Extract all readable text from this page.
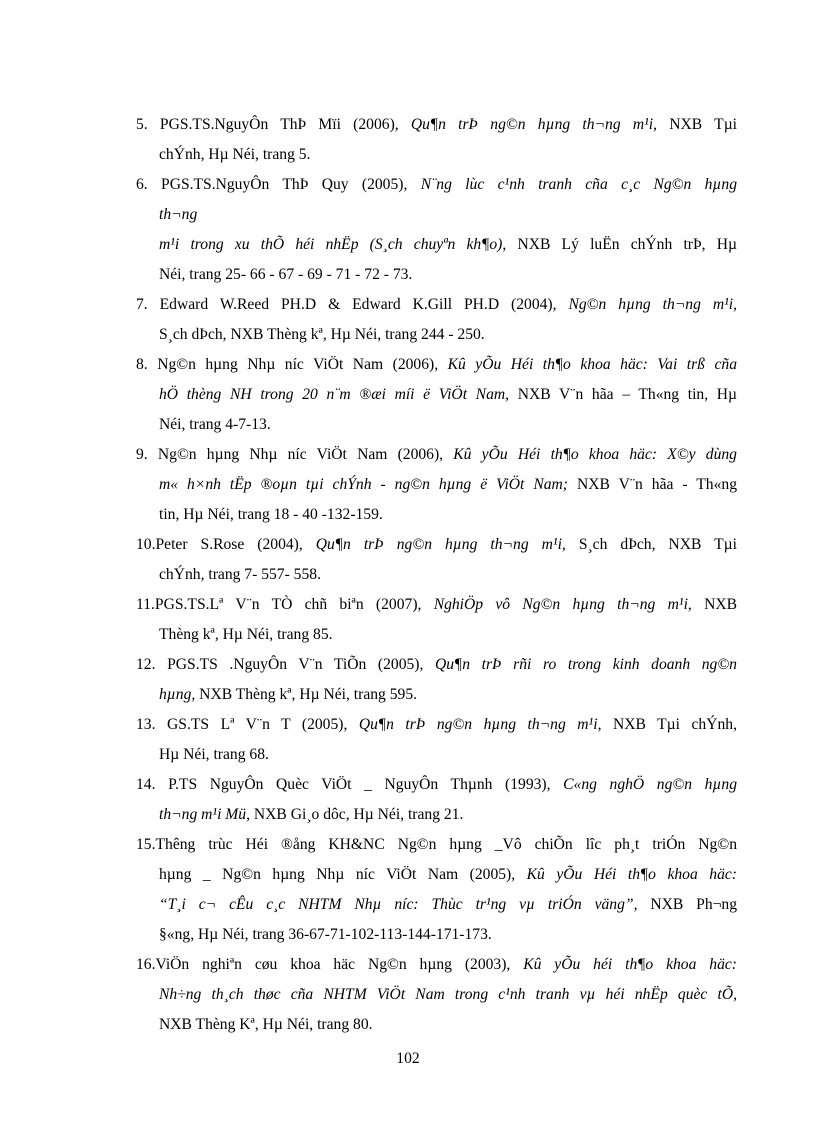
5. PGS.TS.NguyÔn ThÞ Mïi (2006), Qu¶n trÞ ng©n hµng th¬ng m¹i, NXB Tµi
chÝnh, Hµ Néi, trang 5.
6. PGS.TS.NguyÔn ThÞ Quy (2005), N¨ng lùc c¹nh tranh cña c¸c Ng©n hµng
th¬ng
m¹i trong xu thÕ héi nhËp (S¸ch chuyªn kh¶o), NXB Lý luËn chÝnh trÞ, Hµ
Néi, trang 25- 66 - 67 - 69 - 71 - 72 - 73.
7. Edward W.Reed PH.D & Edward K.Gill PH.D (2004), Ng©n hµng th¬ng m¹i,
S¸ch dÞch, NXB Thèng kª, Hµ Néi, trang 244 - 250.
8. Ng©n hµng Nhµ níc ViÖt Nam (2006), Kû yÕu Héi th¶o khoa häc: Vai trß cña
hÖ thèng NH trong 20 n¨m ®æi míi ë ViÖt Nam, NXB V¨n hãa – Th«ng tin, Hµ
Néi, trang 4-7-13.
9. Ng©n hµng Nhµ níc ViÖt Nam (2006), Kû yÕu Héi th¶o khoa häc: X©y dùng
m« h×nh tËp ®oµn tµi chÝnh - ng©n hµng ë ViÖt Nam; NXB V¨n hãa - Th«ng
tin, Hµ Néi, trang 18 - 40 -132-159.
10.Peter S.Rose (2004), Qu¶n trÞ ng©n hµng th¬ng m¹i, S¸ch dÞch, NXB Tµi
chÝnh, trang 7- 557- 558.
11.PGS.TS.Lª V¨n TÒ chñ biªn (2007), NghiÖp vô Ng©n hµng th¬ng m¹i, NXB
Thèng kª, Hµ Néi, trang 85.
12. PGS.TS .NguyÔn V¨n TiÕn (2005), Qu¶n trÞ rñi ro trong kinh doanh ng©n
hµng, NXB Thèng kª, Hµ Néi, trang 595.
13. GS.TS Lª V¨n T (2005), Qu¶n trÞ ng©n hµng th¬ng m¹i, NXB Tµi chÝnh,
Hµ Néi, trang 68.
14. P.TS NguyÔn Quèc ViÖt _ NguyÔn Thµnh (1993), C«ng nghÖ ng©n hµng
th¬ng m¹i Mü, NXB Gi¸o dôc, Hµ Néi, trang 21.
15.Thêng trùc Héi ®ång KH&NC Ng©n hµng _Vô chiÕn lîc ph¸t triÓn Ng©n
hµng _ Ng©n hµng Nhµ níc ViÖt Nam (2005), Kû yÕu Héi th¶o khoa häc:
“T¸i c¬ cÊu c¸c NHTM Nhµ níc: Thùc tr¹ng vµ triÓn väng”, NXB Ph¬ng
§«ng, Hµ Néi, trang 36-67-71-102-113-144-171-173.
16.ViÖn nghiªn cøu khoa häc Ng©n hµng (2003), Kû yÕu héi th¶o khoa häc:
Nh÷ng th¸ch thøc cña NHTM ViÖt Nam trong c¹nh tranh vµ héi nhËp quèc tÕ,
NXB Thèng Kª, Hµ Néi, trang 80.
102
